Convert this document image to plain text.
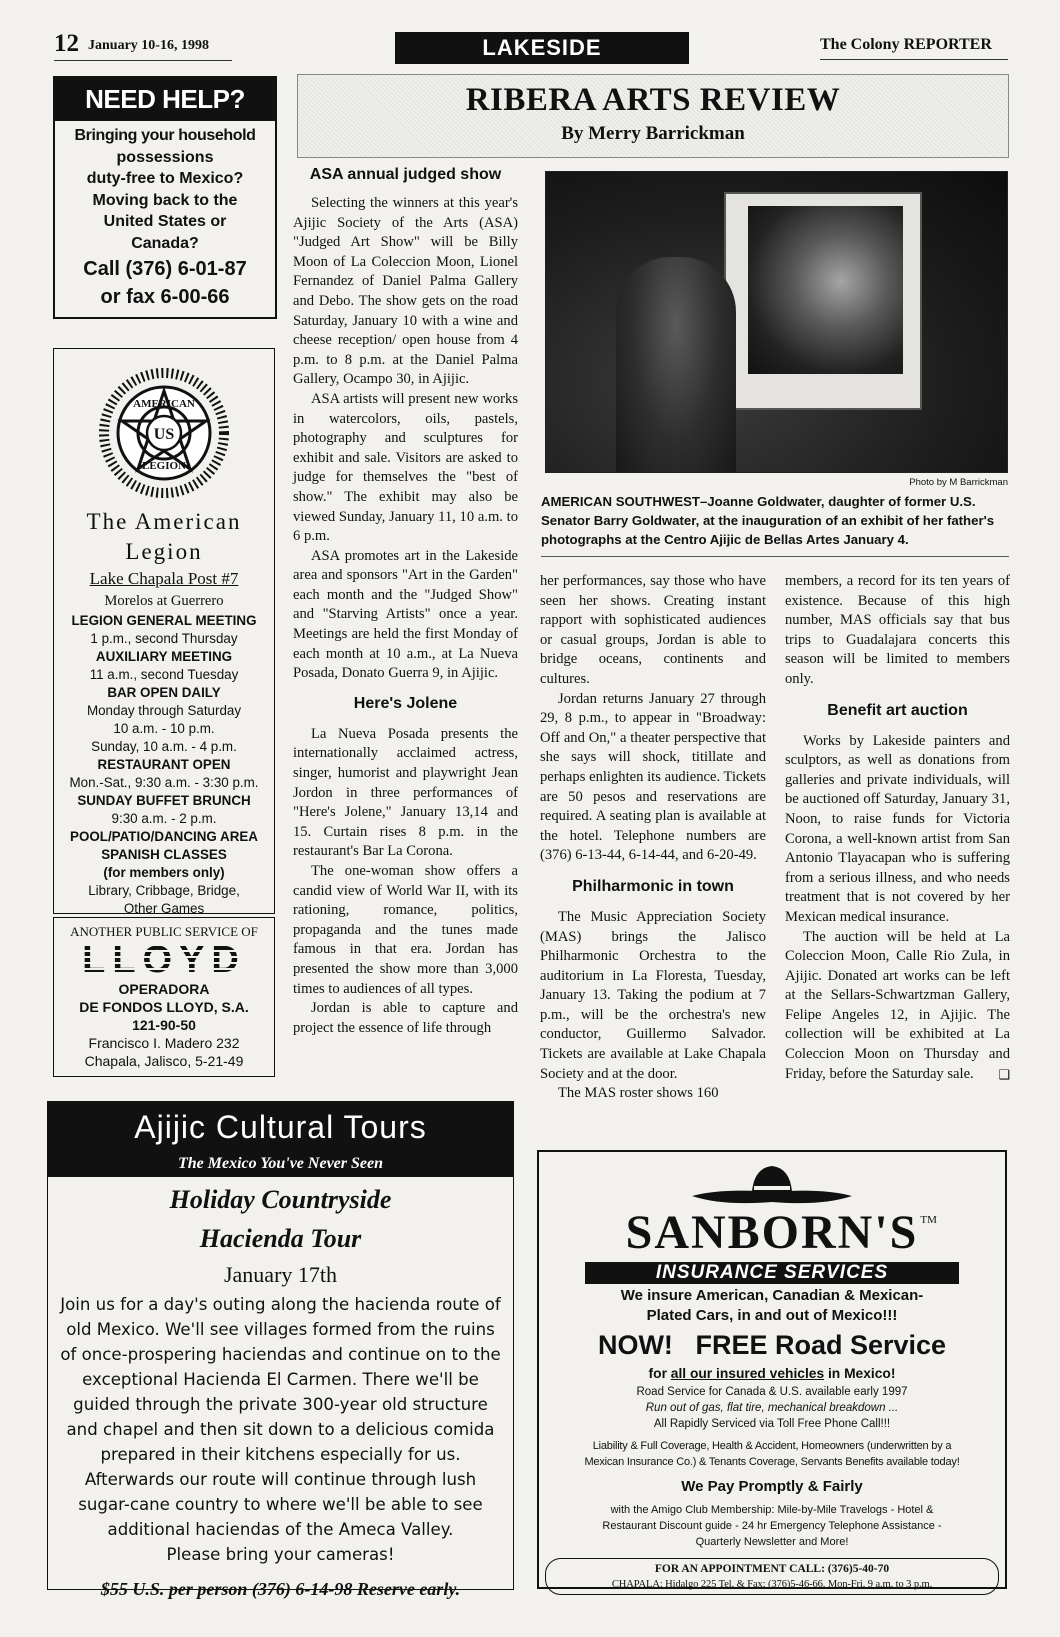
12 January 10-16, 1998	LAKESIDE	The Colony REPORTER
NEED HELP?
Bringing your household
possessions
duty-free to Mexico?
Moving back to the
United States or
Canada?
Call (376) 6-01-87
or fax 6-00-66
AMERICAN
US
LEGION
The American
Legion
Lake Chapala Post #7
Morelos at Guerrero
LEGION GENERAL MEETING
1 p.m., second Thursday
AUXILIARY MEETING
11 a.m., second Tuesday
BAR OPEN DAILY
Monday through Saturday
10 a.m. - 10 p.m.
Sunday, 10 a.m. - 4 p.m.
RESTAURANT OPEN
Mon.-Sat., 9:30 a.m. - 3:30 p.m.
SUNDAY BUFFET BRUNCH
9:30 a.m. - 2 p.m.
POOL/PATIO/DANCING AREA
SPANISH CLASSES
(for members only)
Library, Cribbage, Bridge,
Other Games
ANOTHER PUBLIC SERVICE OF
LLOYD
OPERADORA
DE FONDOS LLOYD, S.A.
121-90-50
Francisco I. Madero 232
Chapala, Jalisco, 5-21-49
RIBERA ARTS REVIEW
By Merry Barrickman
ASA annual judged show

Selecting the winners at this year's Ajijic Society of the Arts (ASA) "Judged Art Show" will be Billy Moon of La Coleccion Moon, Lionel Fernandez of Daniel Palma Gallery and Debo. The show gets on the road Saturday, January 10 with a wine and cheese reception/ open house from 4 p.m. to 8 p.m. at the Daniel Palma Gallery, Ocampo 30, in Ajijic.

ASA artists will present new works in watercolors, oils, pastels, photography and sculptures for exhibit and sale. Visitors are asked to judge for themselves the "best of show." The exhibit may also be viewed Sunday, January 11, 10 a.m. to 6 p.m.

ASA promotes art in the Lakeside area and sponsors "Art in the Garden" each month and the "Judged Show" and "Starving Artists" once a year. Meetings are held the first Monday of each month at 10 a.m., at La Nueva Posada, Donato Guerra 9, in Ajijic.

Here's Jolene

La Nueva Posada presents the internationally acclaimed actress, singer, humorist and playwright Jean Jordon in three performances of "Here's Jolene," January 13,14 and 15. Curtain rises 8 p.m. in the restaurant's Bar La Corona.

The one-woman show offers a candid view of World War II, with its rationing, romance, politics, propaganda and the tunes made famous in that era. Jordan has presented the show more than 3,000 times to audiences of all types.

Jordan is able to capture and project the essence of life through

Photo by M Barrickman
AMERICAN SOUTHWEST–Joanne Goldwater, daughter of former U.S. Senator Barry Goldwater, at the inauguration of an exhibit of her father's photographs at the Centro Ajijic de Bellas Artes January 4.

her performances, say those who have seen her shows. Creating instant rapport with sophisticated audiences or casual groups, Jordan is able to bridge oceans, continents and cultures.

Jordan returns January 27 through 29, 8 p.m., to appear in "Broadway: Off and On," a theater perspective that she says will shock, titillate and perhaps enlighten its audience. Tickets are 50 pesos and reservations are required. A seating plan is available at the hotel. Telephone numbers are (376) 6-13-44, 6-14-44, and 6-20-49.

Philharmonic in town

The Music Appreciation Society (MAS) brings the Jalisco Philharmonic Orchestra to the auditorium in La Floresta, Tuesday, January 13. Taking the podium at 7 p.m., will be the orchestra's new conductor, Guillermo Salvador. Tickets are available at Lake Chapala Society and at the door.

The MAS roster shows 160

members, a record for its ten years of existence. Because of this high number, MAS officials say that bus trips to Guadalajara concerts this season will be limited to members only.

Benefit art auction

Works by Lakeside painters and sculptors, as well as donations from galleries and private individuals, will be auctioned off Saturday, January 31, Noon, to raise funds for Victoria Corona, a well-known artist from San Antonio Tlayacapan who is suffering from a serious illness, and who needs treatment that is not covered by her Mexican medical insurance.

The auction will be held at La Coleccion Moon, Calle Rio Zula, in Ajijic. Donated art works can be left at the Sellars-Schwartzman Gallery, Felipe Angeles 12, in Ajijic. The collection will be exhibited at La Coleccion Moon on Thursday and Friday, before the Saturday sale.	❑
Ajijic Cultural Tours
The Mexico You've Never Seen
Holiday Countryside
Hacienda Tour
January 17th
Join us for a day's outing along the hacienda route of
old Mexico. We'll see villages formed from the ruins
of once-prospering haciendas and continue on to the
exceptional Hacienda El Carmen. There we'll be
guided through the private 300-year old structure
and chapel and then sit down to a delicious comida
prepared in their kitchens especially for us.
Afterwards our route will continue through lush
sugar-cane country to where we'll be able to see
additional haciendas of the Ameca Valley.
Please bring your cameras!
$55 U.S. per person (376) 6-14-98 Reserve early.
SANBORN'S TM
INSURANCE SERVICES
We insure American, Canadian & Mexican-
Plated Cars, in and out of Mexico!!!
NOW! FREE Road Service
for all our insured vehicles in Mexico!
Road Service for Canada & U.S. available early 1997
Run out of gas, flat tire, mechanical breakdown ...
All Rapidly Serviced via Toll Free Phone Call!!!
Liability & Full Coverage, Health & Accident, Homeowners (underwritten by a
Mexican Insurance Co.) & Tenants Coverage, Servants Benefits available today!
We Pay Promptly & Fairly
with the Amigo Club Membership: Mile-by-Mile Travelogs - Hotel &
Restaurant Discount guide - 24 hr Emergency Telephone Assistance -
Quarterly Newsletter and More!
FOR AN APPOINTMENT CALL: (376)5-40-70
CHAPALA: Hidalgo 225 Tel. & Fax: (376)5-46-66. Mon-Fri. 9 a.m. to 3 p.m.
